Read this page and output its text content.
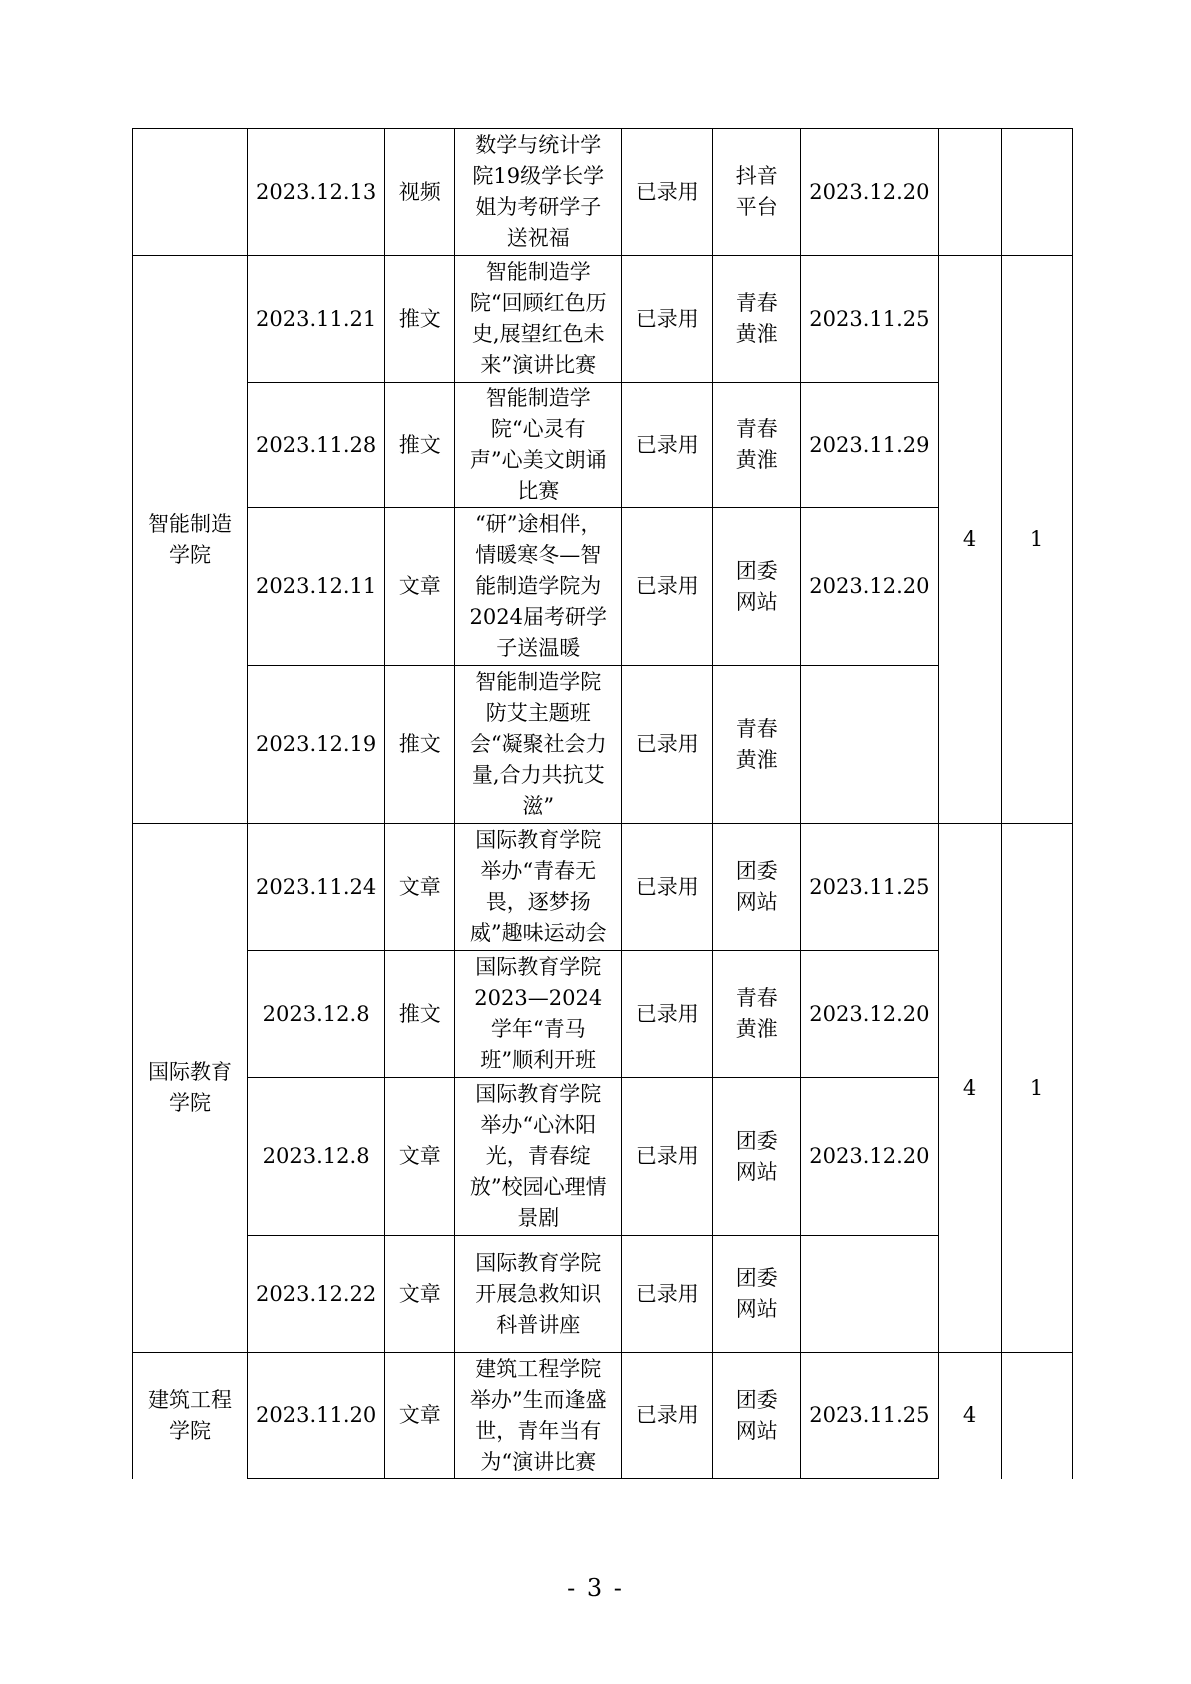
	2023.12.13	视频	数学与统计学院19级学长学姐为考研学子送祝福	已录用	抖音平台	2023.12.20		
智能制造学院	2023.11.21	推文	智能制造学院“回顾红色历史,展望红色未来”演讲比赛	已录用	青春黄淮	2023.11.25	4	1
	2023.11.28	推文	智能制造学院“心灵有声”心美文朗诵比赛	已录用	青春黄淮	2023.11.29		
	2023.12.11	文章	“研”途相伴，情暖寒冬—智能制造学院为2024届考研学子送温暖	已录用	团委网站	2023.12.20		
	2023.12.19	推文	智能制造学院防艾主题班会“凝聚社会力量,合力共抗艾滋”	已录用	青春黄淮			
国际教育学院	2023.11.24	文章	国际教育学院举办“青春无畏，逐梦扬威”趣味运动会	已录用	团委网站	2023.11.25	4	1
	2023.12.8	推文	国际教育学院2023—2024学年“青马班”顺利开班	已录用	青春黄淮	2023.12.20		
	2023.12.8	文章	国际教育学院举办“心沐阳光，青春绽放”校园心理情景剧	已录用	团委网站	2023.12.20		
	2023.12.22	文章	国际教育学院开展急救知识科普讲座	已录用	团委网站			
建筑工程学院	2023.11.20	文章	建筑工程学院举办”生而逢盛世，青年当有为“演讲比赛	已录用	团委网站	2023.11.25	4	
- 3 -
